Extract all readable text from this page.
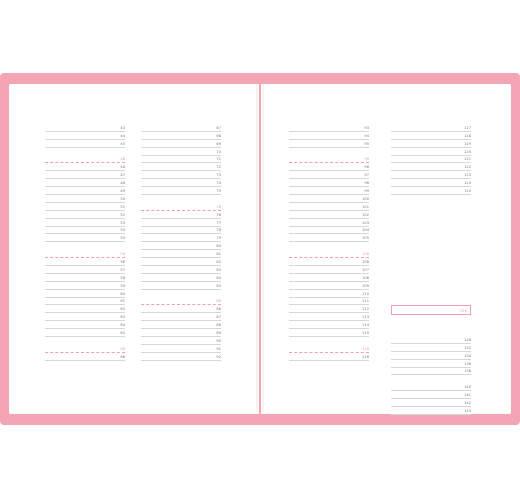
43
44
45
46
46
47
48
49
50
51
52
53
54
55
56
56
57
58
59
60
61
62
63
64
65
66
66
67
68
69
70
71
72
73
74
75
76
76
77
78
79
80
81
82
83
84
85
86
86
87
88
89
90
91
92
93
94
95
96
96
97
98
99
100
101
102
103
104
105
106
106
107
108
109
110
111
112
113
114
115
116
116
117
118
119
120
121
122
123
124
125
126
128
132
134
136
138
140
141
142
143
